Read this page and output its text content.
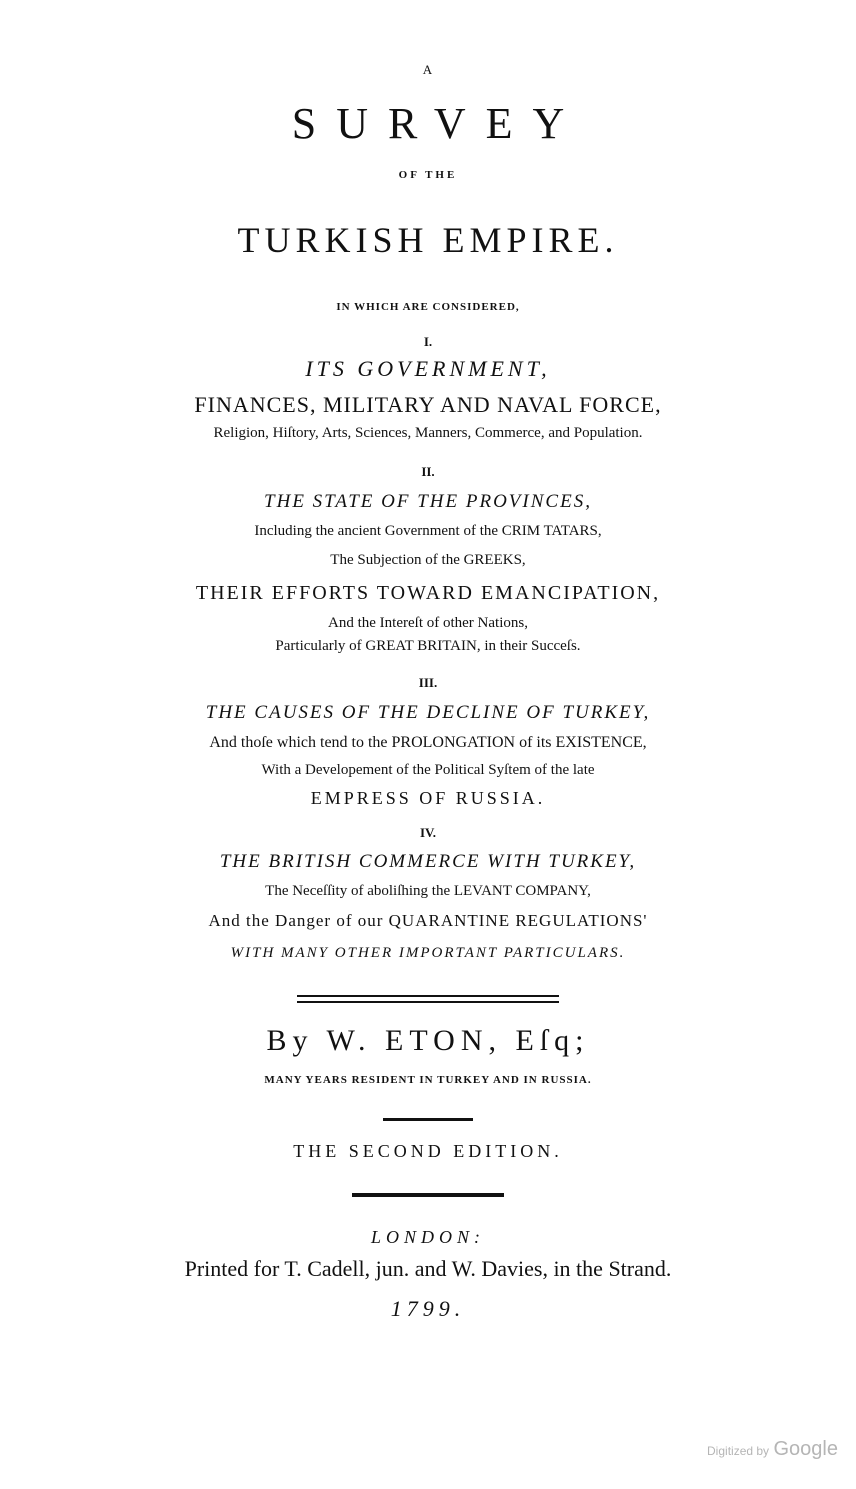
A
SURVEY
OF THE
TURKISH EMPIRE.
IN WHICH ARE CONSIDERED,
I.
ITS GOVERNMENT,
FINANCES, MILITARY AND NAVAL FORCE,
Religion, Hiſtory, Arts, Sciences, Manners, Commerce, and Population.
II.
THE STATE OF THE PROVINCES,
Including the ancient Government of the CRIM TATARS,
The Subjection of the GREEKS,
THEIR EFFORTS TOWARD EMANCIPATION,
And the Intereſt of other Nations,
Particularly of GREAT BRITAIN, in their Succeſs.
III.
THE CAUSES OF THE DECLINE OF TURKEY,
And thoſe which tend to the PROLONGATION of its EXISTENCE,
With a Developement of the Political Syſtem of the late
EMPRESS OF RUSSIA.
IV.
THE BRITISH COMMERCE WITH TURKEY,
The Neceſſity of aboliſhing the LEVANT COMPANY,
And the Danger of our QUARANTINE REGULATIONS'
WITH MANY OTHER IMPORTANT PARTICULARS.
By W. ETON, Eſq;
MANY YEARS RESIDENT IN TURKEY AND IN RUSSIA.
THE SECOND EDITION.
LONDON:
Printed for T. Cadell, jun. and W. Davies, in the Strand.
1799.
Digitized by Google
